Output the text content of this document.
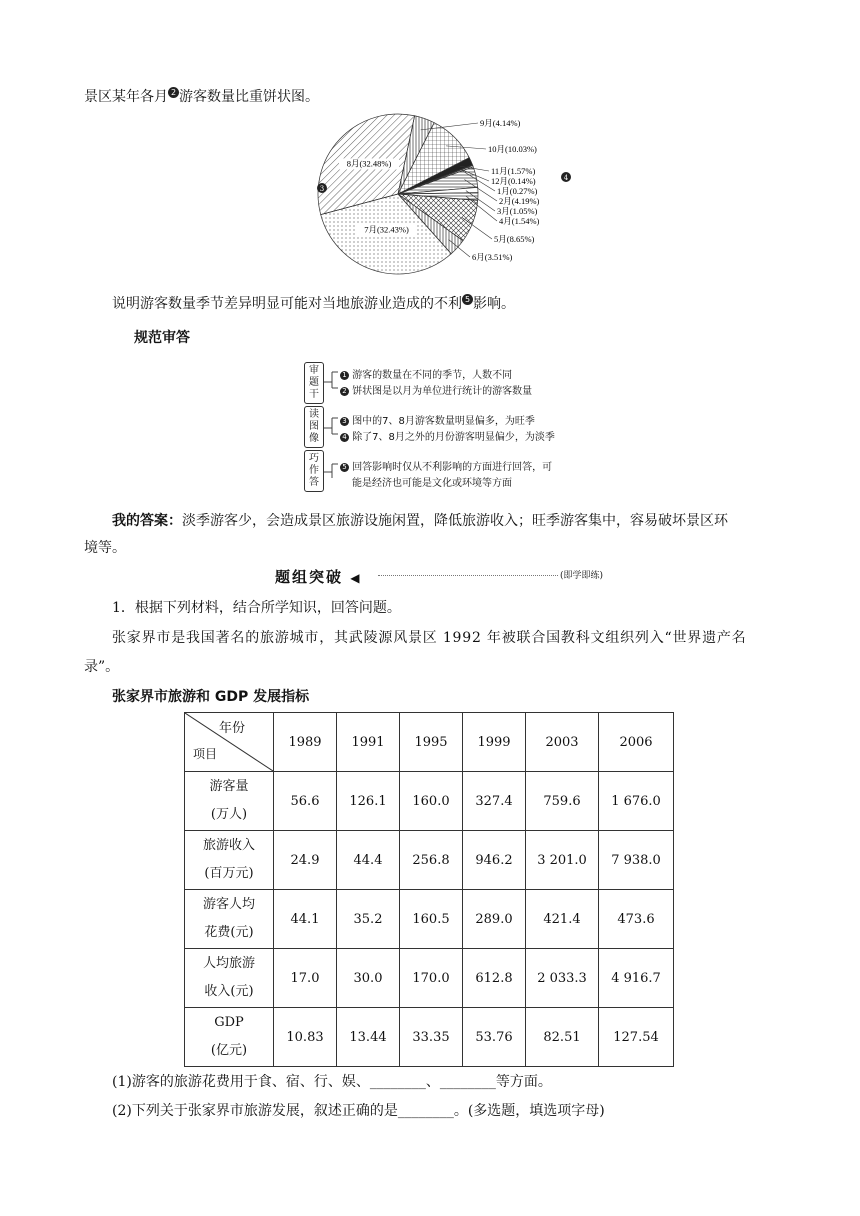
景区某年各月 2 游客数量比重饼状图。
9月(4.14%)
10月(10.03%)
11月(1.57%)
12月(0.14%)
1月(0.27%)
2月(4.19%)
3月(1.05%)
4月(1.54%)
5月(8.65%)
6月(3.51%)
7月(32.43%)
8月(32.48%)
3
4
说明游客数量季节差异明显可能对当地旅游业造成的不利 5 影响。
规范审答
审
题
干
读
图
像
巧
作
答
1 游客的数量在不同的季节，人数不同
2 饼状图是以月为单位进行统计的游客数量
3 图中的7、8月游客数量明显偏多，为旺季
4 除了7、8月之外的月份游客明显偏少，为淡季
5 回答影响时仅从不利影响的方面进行回答，可
能是经济也可能是文化或环境等方面
我的答案：淡季游客少，会造成景区旅游设施闲置，降低旅游收入；旺季游客集中，容易破坏景区环
境等。
题组突破 ◀	(即学即练)
1．根据下列材料，结合所学知识，回答问题。
张家界市是我国著名的旅游城市，其武陵源风景区 1992 年被联合国教科文组织列入“世界遗产名
录”。
张家界市旅游和 GDP 发展指标
年份
项目	1989	1991	1995	1999	2003	2006

游客量
(万人)	56.6	126.1	160.0	327.4	759.6	1 676.0

旅游收入
(百万元)	24.9	44.4	256.8	946.2	3 201.0	7 938.0

游客人均
花费(元)	44.1	35.2	160.5	289.0	421.4	473.6

人均旅游
收入(元)	17.0	30.0	170.0	612.8	2 033.3	4 916.7

GDP
(亿元)	10.83	13.44	33.35	53.76	82.51	127.54
(1)游客的旅游花费用于食、宿、行、娱、________、________等方面。
(2)下列关于张家界市旅游发展，叙述正确的是________。(多选题，填选项字母)
